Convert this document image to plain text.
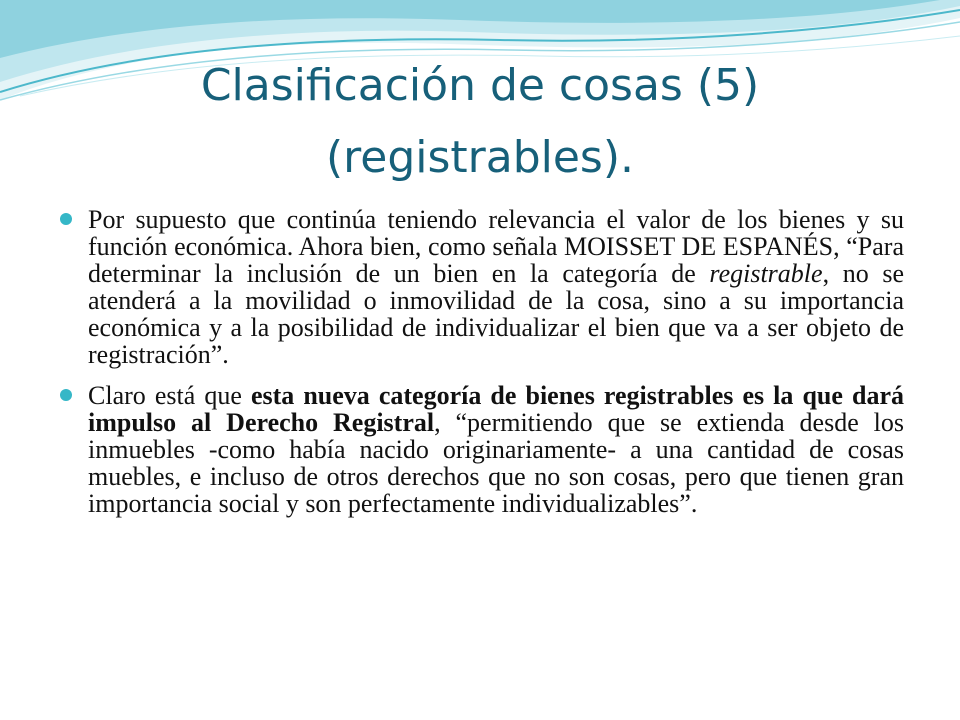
Clasificación de cosas (5)
(registrables).
Por supuesto que continúa teniendo relevancia el valor de los bienes y su función económica. Ahora bien, como señala MOISSET DE ESPANÉS, “Para determinar la inclusión de un bien en la categoría de registrable, no se atenderá a la movilidad o inmovilidad de la cosa, sino a su importancia económica y a la posibilidad de individualizar el bien que va a ser objeto de registración”.
Claro está que esta nueva categoría de bienes registrables es la que dará impulso al Derecho Registral, “permitiendo que se extienda desde los inmuebles -como había nacido originariamente- a una cantidad de cosas muebles, e incluso de otros derechos que no son cosas, pero que tienen gran importancia social y son perfectamente individualizables”.
